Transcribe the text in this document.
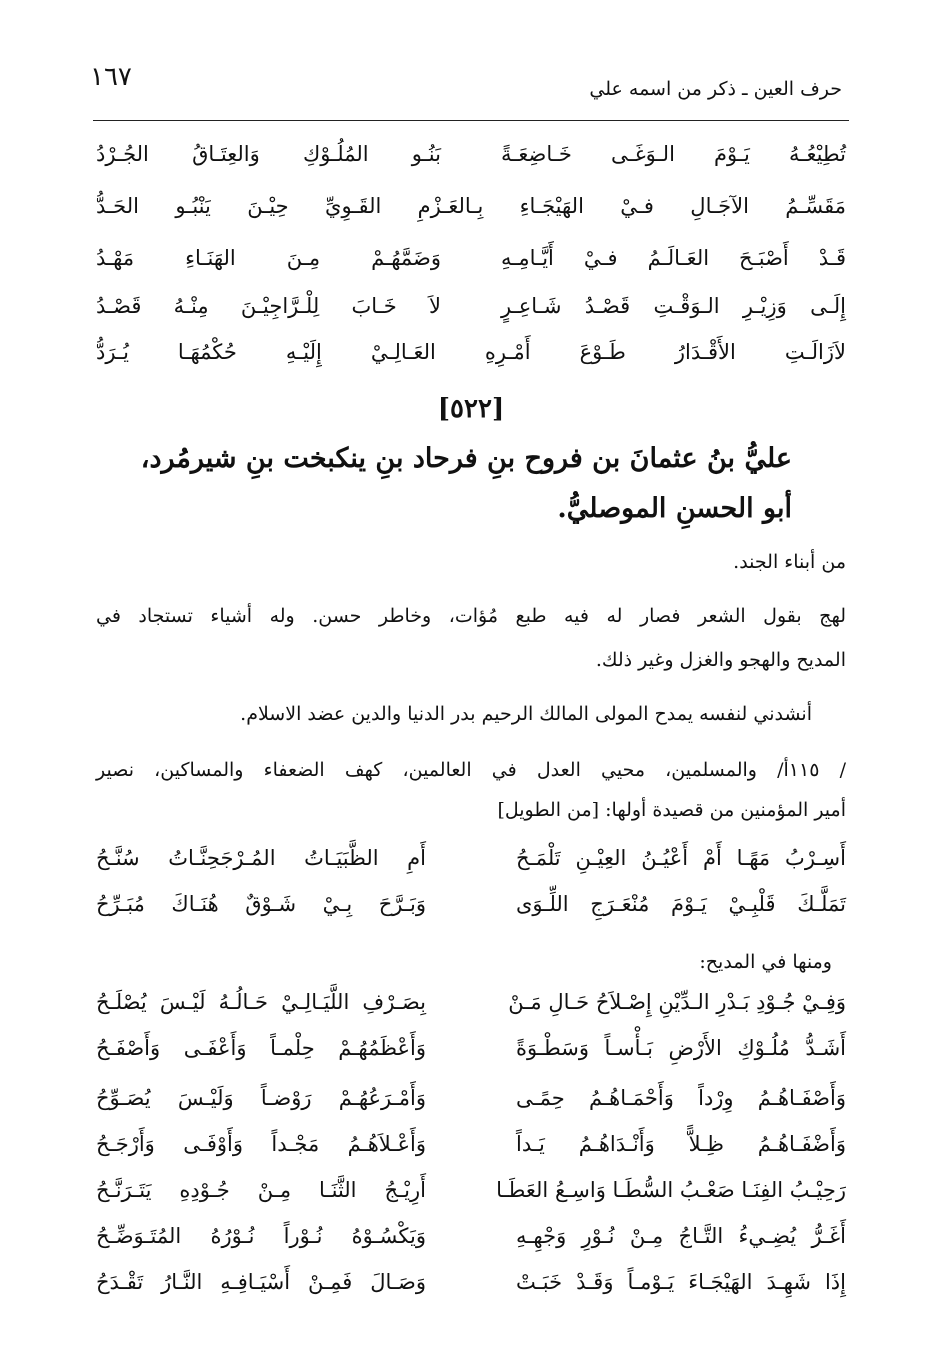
١٦٧	حرف العين ـ ذكر من اسمه علي
تُطِيْعُـهُ يَـوْمَ الـوَغَـى خَـاضِعَـةً
بَنُـو المُلُـوْكِ وَالعِتَـاقُ الجُـرْدُ
مَقَسِّـمُ الآجَـالِ فـيْ الهَيْجَـاءِ بِـالعَـزْمِ القَـوِيِّ حِيْـنَ يَنْبُـو الحَـدُّ
قَـدْ أَصْبَـحَ العَـالَـمُ فـيْ أَيَّـامِـهِ
وَضَمَّهُـمْ مِـنَ الهَنَـاءِ مَهْـدُ
إِلَـى وَزِيْـرِ الـوَقْـتِ قَصْـدُ شَـاعِـرٍ
لاَ خَـابَ لِلْـرَّاجِيْـنَ مِنْـهُ قَصْـدُ
لاَزَالَـتِ الأَقْـدَارُ طَـوْعَ أَمْـرِهِ العَـالِـيْ إِلَيْـهِ حُكْمُهَـا يُـرَدُّ
[٥٢٢]
عليُّ بنُ عثمانَ بن فروح بنِ فرحاد بنِ ينكبخت بنِ شيرمُرد،
أبو الحسنِ الموصليُّ.
من أبناء الجند.
لهج بقول الشعر فصار له فيه طبع مُؤات، وخاطر حسن. وله أشياء تستجاد في
المديح والهجو والغزل وغير ذلك.
أنشدني لنفسه يمدح المولى المالك الرحيم بدر الدنيا والدين عضد الاسلام.
/ ١١٥أ/ والمسلمين، محيي العدل في العالمين، كهف الضعفاء والمساكين، نصير
أمير المؤمنين من قصيدة أولها: [من الطويل]
أَسِـرْبُ مَهًـا أَمْ أَعْيُـنُ العِيْـنِ تَلْمَـحُ
أَمِ الظَّبَيَـاتُ المُـرْجَحِنَّـاتُ سُنَّـحُ
تَمَلَّـكَ قَلْبِـيْ يَـوْمَ مُنْعَـرَجِ اللِّـوَى
وَبَـرَّحَ بِـيْ شَـوْقٌ هُنَـاكَ مُبَـرِّحُ
ومنها في المديح:
وَفِـيْ جُـوْدِ بَـدْرِ الـدِّيْنِ إِصْـلاَحُ حَـالِ مَـنْ
بِصَـرْفِ اللَّيَـالِـيْ حَـالُـهُ لَيْـسَ يُصْلَـحُ
أَشَـدُّ مُلُـوْكِ الأَرْضِ بَـأْسـاً وَسَطْـوَةً
وَأَعْظَمُهُـمْ حِلْمـاً وَأَعْفَـى وَأَصْفَـحُ
وَأَصْفَـاهُـمُ وِرْداً وَأَحْمَـاهُـمُ حِمًـى
وَأَمْـرَعُهُـمْ رَوْضـاً وَلَيْـسَ يُصَـوِّحُ
وَأَضْفَـاهُـمُ ظِـلاًّ وَأَنْـدَاهُـمُ يَـداً
وَأَعْـلاَهُـمُ مَجْـداً وَأَوْفَـى وَأَرْجَـحُ
رَحِيْـبُ الفِنَـا صَعْـبُ السُّطَـا وَاسِـعُ العَطَـا
أَرِيْـجُ الثَّنَـا مِـنْ جُـوْدِهِ يَتَـرَنَّـحُ
أَغَـرُّ يُضِـيءُ التَّـاجُ مِـنْ نُـوْرِ وَجْهِـهِ
وَيَكْسُـوْهُ نُـوْراً نُـوْرُهُ المُتَـوَضِّـحُ
إِذَا شَهِـدَ الهَيْجَـاءَ يَـوْمـاً وَقَـدْ خَبَـتْ
وَصَـالَ فَمِـنْ أَسْيَـافِـهِ النَّـارُ تَقْـدَحُ
